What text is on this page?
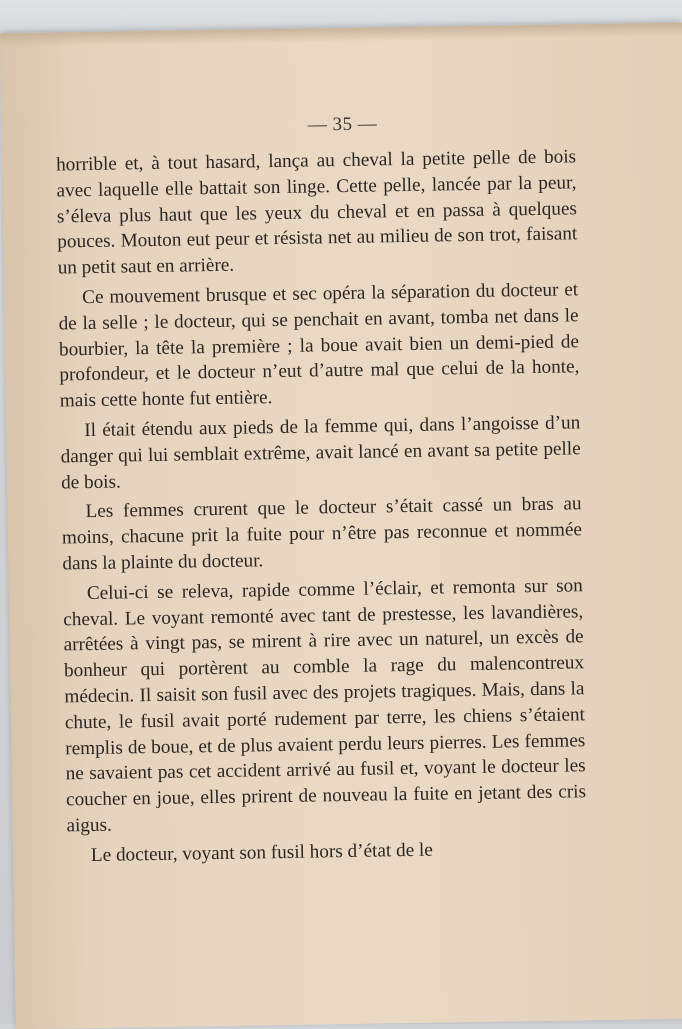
— 35 —

horrible et, à tout hasard, lança au cheval la petite pelle de bois avec laquelle elle battait son linge. Cette pelle, lancée par la peur, s’éleva plus haut que les yeux du cheval et en passa à quelques pouces. Mouton eut peur et résista net au milieu de son trot, faisant un petit saut en arrière.

Ce mouvement brusque et sec opéra la séparation du docteur et de la selle ; le docteur, qui se penchait en avant, tomba net dans le bourbier, la tête la première ; la boue avait bien un demi-pied de profondeur, et le docteur n’eut d’autre mal que celui de la honte, mais cette honte fut entière.

Il était étendu aux pieds de la femme qui, dans l’angoisse d’un danger qui lui semblait extrême, avait lancé en avant sa petite pelle de bois.

Les femmes crurent que le docteur s’était cassé un bras au moins, chacune prit la fuite pour n’être pas reconnue et nommée dans la plainte du docteur.

Celui-ci se releva, rapide comme l’éclair, et remonta sur son cheval. Le voyant remonté avec tant de prestesse, les lavandières, arrêtées à vingt pas, se mirent à rire avec un naturel, un excès de bonheur qui portèrent au comble la rage du malencontreux médecin. Il saisit son fusil avec des projets tragiques. Mais, dans la chute, le fusil avait porté rudement par terre, les chiens s’étaient remplis de boue, et de plus avaient perdu leurs pierres. Les femmes ne savaient pas cet accident arrivé au fusil et, voyant le docteur les coucher en joue, elles prirent de nouveau la fuite en jetant des cris aigus.

Le docteur, voyant son fusil hors d’état de le
